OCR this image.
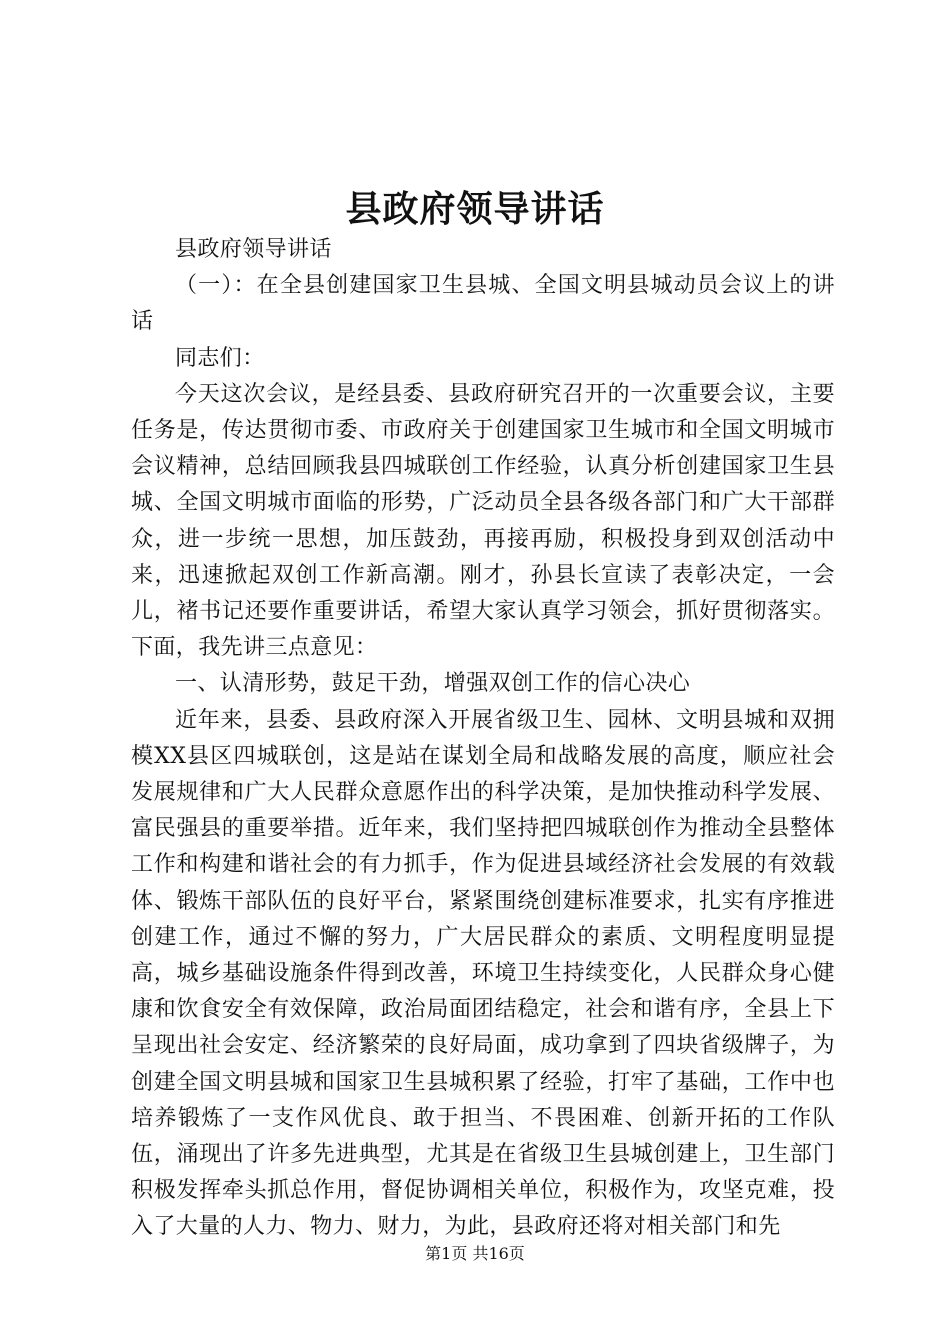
县政府领导讲话

县政府领导讲话

（一）：在全县创建国家卫生县城、全国文明县城动员会议上的讲话

同志们：

今天这次会议，是经县委、县政府研究召开的一次重要会议，主要任务是，传达贯彻市委、市政府关于创建国家卫生城市和全国文明城市会议精神，总结回顾我县四城联创工作经验，认真分析创建国家卫生县城、全国文明城市面临的形势，广泛动员全县各级各部门和广大干部群众，进一步统一思想，加压鼓劲，再接再励，积极投身到双创活动中来，迅速掀起双创工作新高潮。刚才，孙县长宣读了表彰决定，一会儿，褚书记还要作重要讲话，希望大家认真学习领会，抓好贯彻落实。下面，我先讲三点意见：

一、认清形势，鼓足干劲，增强双创工作的信心决心

近年来，县委、县政府深入开展省级卫生、园林、文明县城和双拥模XX县区四城联创，这是站在谋划全局和战略发展的高度，顺应社会发展规律和广大人民群众意愿作出的科学决策，是加快推动科学发展、富民强县的重要举措。近年来，我们坚持把四城联创作为推动全县整体工作和构建和谐社会的有力抓手，作为促进县域经济社会发展的有效载体、锻炼干部队伍的良好平台，紧紧围绕创建标准要求，扎实有序推进创建工作，通过不懈的努力，广大居民群众的素质、文明程度明显提高，城乡基础设施条件得到改善，环境卫生持续变化，人民群众身心健康和饮食安全有效保障，政治局面团结稳定，社会和谐有序，全县上下呈现出社会安定、经济繁荣的良好局面，成功拿到了四块省级牌子，为创建全国文明县城和国家卫生县城积累了经验，打牢了基础，工作中也培养锻炼了一支作风优良、敢于担当、不畏困难、创新开拓的工作队伍，涌现出了许多先进典型，尤其是在省级卫生县城创建上，卫生部门积极发挥牵头抓总作用，督促协调相关单位，积极作为，攻坚克难，投入了大量的人力、物力、财力，为此，县政府还将对相关部门和先

第1页 共16页
